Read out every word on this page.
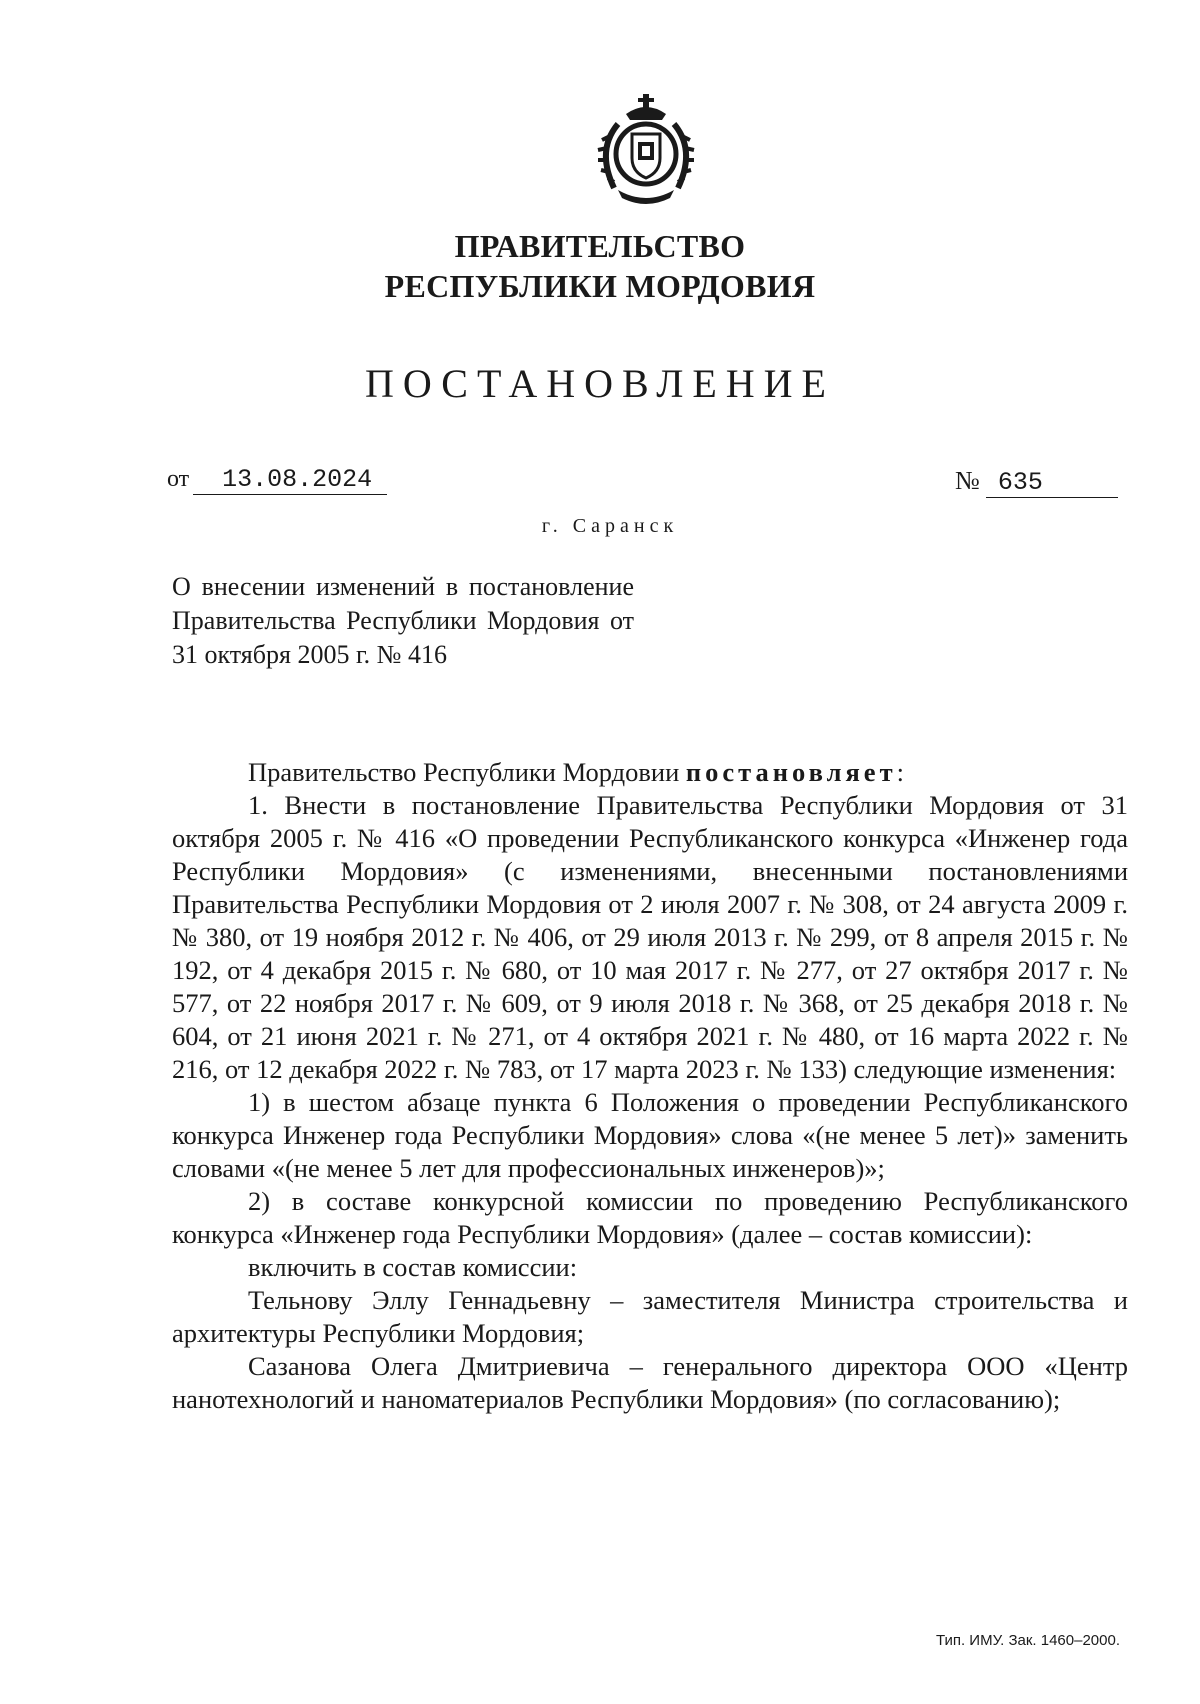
ПРАВИТЕЛЬСТВО
РЕСПУБЛИКИ МОРДОВИЯ
ПОСТАНОВЛЕНИЕ
от 13.08.2024	№ 635
г. Саранск
О внесении изменений в постановление Правительства Республики Мордовия от 31 октября 2005 г. № 416

Правительство Республики Мордовии постановляет:

1. Внести в постановление Правительства Республики Мордовия от 31 октября 2005 г. № 416 «О проведении Республиканского конкурса «Инженер года Республики Мордовия» (с изменениями, внесенными постановлениями Правительства Республики Мордовия от 2 июля 2007 г. № 308, от 24 августа 2009 г. № 380, от 19 ноября 2012 г. № 406, от 29 июля 2013 г. № 299, от 8 апреля 2015 г. № 192, от 4 декабря 2015 г. № 680, от 10 мая 2017 г. № 277, от 27 октября 2017 г. № 577, от 22 ноября 2017 г. № 609, от 9 июля 2018 г. № 368, от 25 декабря 2018 г. № 604, от 21 июня 2021 г. № 271, от 4 октября 2021 г. № 480, от 16 марта 2022 г. № 216, от 12 декабря 2022 г. № 783, от 17 марта 2023 г. № 133) следующие изменения:

1) в шестом абзаце пункта 6 Положения о проведении Республиканского конкурса Инженер года Республики Мордовия» слова «(не менее 5 лет)» заменить словами «(не менее 5 лет для профессиональных инженеров)»;

2) в составе конкурсной комиссии по проведению Республиканского конкурса «Инженер года Республики Мордовия» (далее – состав комиссии):

включить в состав комиссии:

Тельнову Эллу Геннадьевну – заместителя Министра строительства и архитектуры Республики Мордовия;

Сазанова Олега Дмитриевича – генерального директора ООО «Центр нанотехнологий и наноматериалов Республики Мордовия» (по согласованию);

Тип. ИМУ. Зак. 1460–2000.
